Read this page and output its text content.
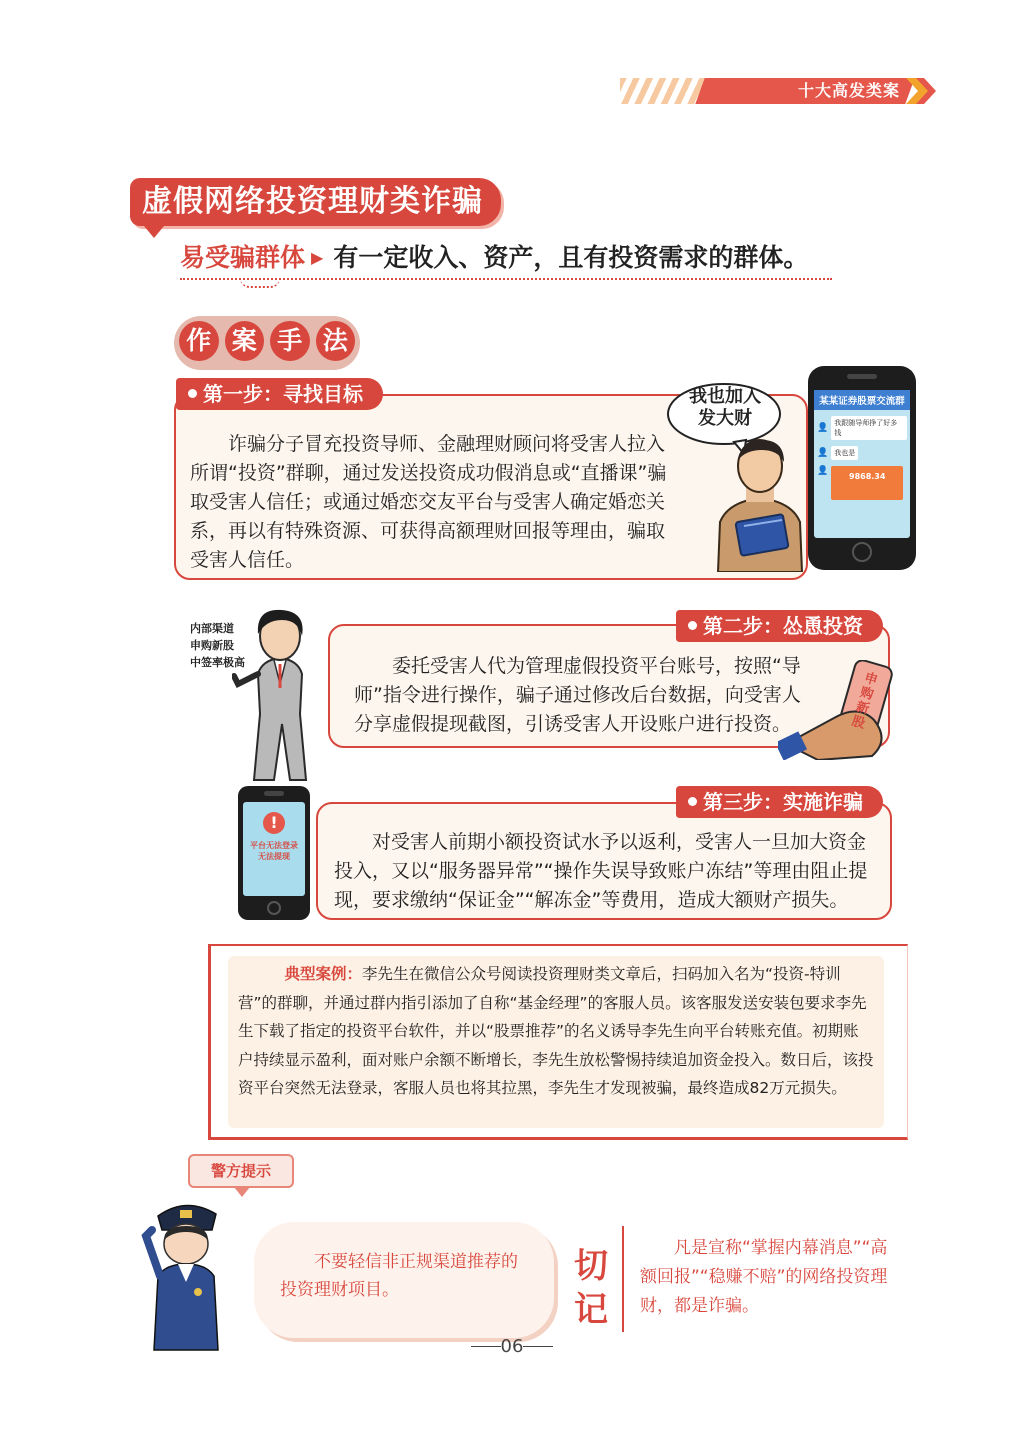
十大高发类案
虚假网络投资理财类诈骗
易受骗群体 ▶ 有一定收入、资产，且有投资需求的群体。
作 案 手 法
诈骗分子冒充投资导师、金融理财顾问将受害人拉入所谓“投资”群聊，通过发送投资成功假消息或“直播课”骗取受害人信任；或通过婚恋交友平台与受害人确定婚恋关系，再以有特殊资源、可获得高额理财回报等理由，骗取受害人信任。
第一步：寻找目标	我也加入发大财
某某证券股票交流群
👤 我跟随导师挣了好多钱
👤 我也是
👤
9868.34
内部渠道
申购新股
中签率极高	委托受害人代为管理虚假投资平台账号，按照“导师”指令进行操作，骗子通过修改后台数据，向受害人分享虚假提现截图，引诱受害人开设账户进行投资。
第二步：怂恿投资
申购新股
!
平台无法登录
无法提现
对受害人前期小额投资试水予以返利，受害人一旦加大资金投入，又以“服务器异常”“操作失误导致账户冻结”等理由阻止提现，要求缴纳“保证金”“解冻金”等费用，造成大额财产损失。
第三步：实施诈骗
典型案例：李先生在微信公众号阅读投资理财类文章后，扫码加入名为“投资-特训营”的群聊，并通过群内指引添加了自称“基金经理”的客服人员。该客服发送安装包要求李先生下载了指定的投资平台软件，并以“股票推荐”的名义诱导李先生向平台转账充值。初期账户持续显示盈利，面对账户余额不断增长，李先生放松警惕持续追加资金投入。数日后，该投资平台突然无法登录，客服人员也将其拉黑，李先生才发现被骗，最终造成82万元损失。
警方提示
不要轻信非正规渠道推荐的投资理财项目。
切
记
凡是宣称“掌握内幕消息”“高额回报”“稳赚不赔”的网络投资理财，都是诈骗。
06
